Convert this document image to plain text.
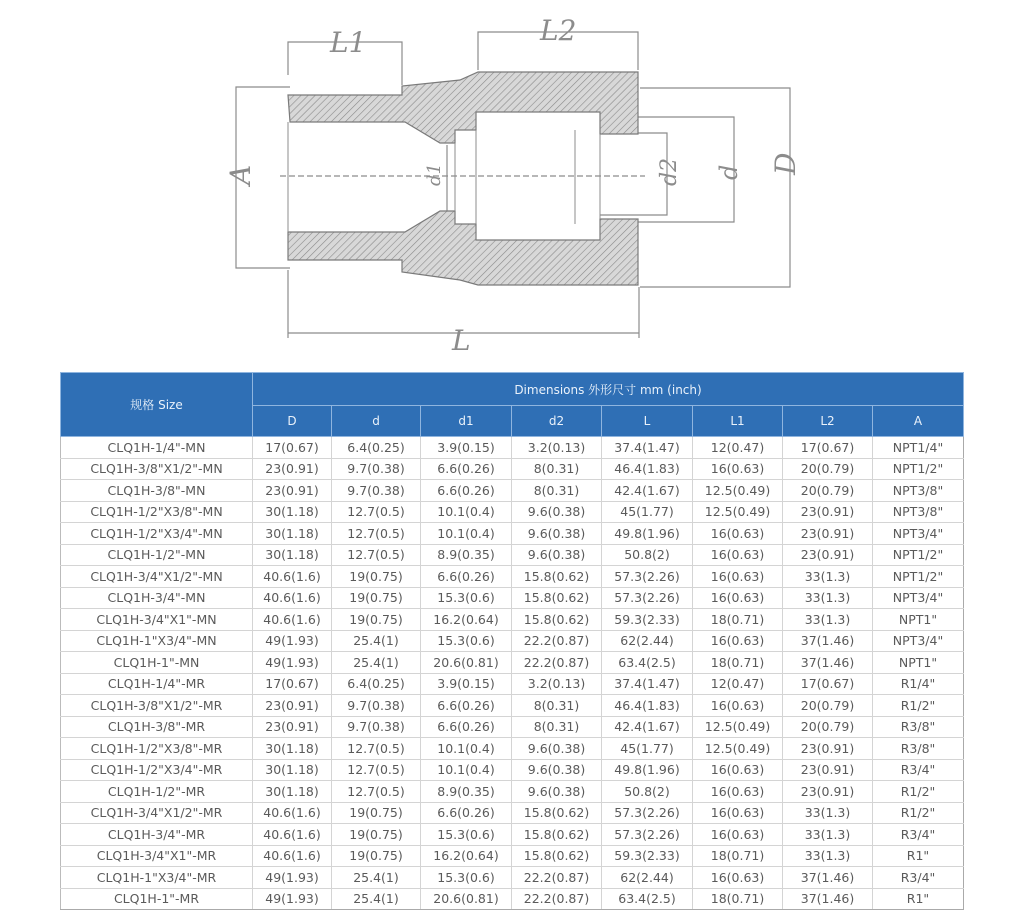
L1	L2
A	D
d
d2
d1
L
规格 Size	Dimensions 外形尺寸 mm (inch)							
	D	d	d1	d2	L	L1	L2	A
CLQ1H-1/4"-MN	17(0.67)	6.4(0.25)	3.9(0.15)	3.2(0.13)	37.4(1.47)	12(0.47)	17(0.67)	NPT1/4"
CLQ1H-3/8"X1/2"-MN	23(0.91)	9.7(0.38)	6.6(0.26)	8(0.31)	46.4(1.83)	16(0.63)	20(0.79)	NPT1/2"
CLQ1H-3/8"-MN	23(0.91)	9.7(0.38)	6.6(0.26)	8(0.31)	42.4(1.67)	12.5(0.49)	20(0.79)	NPT3/8"
CLQ1H-1/2"X3/8"-MN	30(1.18)	12.7(0.5)	10.1(0.4)	9.6(0.38)	45(1.77)	12.5(0.49)	23(0.91)	NPT3/8"
CLQ1H-1/2"X3/4"-MN	30(1.18)	12.7(0.5)	10.1(0.4)	9.6(0.38)	49.8(1.96)	16(0.63)	23(0.91)	NPT3/4"
CLQ1H-1/2"-MN	30(1.18)	12.7(0.5)	8.9(0.35)	9.6(0.38)	50.8(2)	16(0.63)	23(0.91)	NPT1/2"
CLQ1H-3/4"X1/2"-MN	40.6(1.6)	19(0.75)	6.6(0.26)	15.8(0.62)	57.3(2.26)	16(0.63)	33(1.3)	NPT1/2"
CLQ1H-3/4"-MN	40.6(1.6)	19(0.75)	15.3(0.6)	15.8(0.62)	57.3(2.26)	16(0.63)	33(1.3)	NPT3/4"
CLQ1H-3/4"X1"-MN	40.6(1.6)	19(0.75)	16.2(0.64)	15.8(0.62)	59.3(2.33)	18(0.71)	33(1.3)	NPT1"
CLQ1H-1"X3/4"-MN	49(1.93)	25.4(1)	15.3(0.6)	22.2(0.87)	62(2.44)	16(0.63)	37(1.46)	NPT3/4"
CLQ1H-1"-MN	49(1.93)	25.4(1)	20.6(0.81)	22.2(0.87)	63.4(2.5)	18(0.71)	37(1.46)	NPT1"
CLQ1H-1/4"-MR	17(0.67)	6.4(0.25)	3.9(0.15)	3.2(0.13)	37.4(1.47)	12(0.47)	17(0.67)	R1/4"
CLQ1H-3/8"X1/2"-MR	23(0.91)	9.7(0.38)	6.6(0.26)	8(0.31)	46.4(1.83)	16(0.63)	20(0.79)	R1/2"
CLQ1H-3/8"-MR	23(0.91)	9.7(0.38)	6.6(0.26)	8(0.31)	42.4(1.67)	12.5(0.49)	20(0.79)	R3/8"
CLQ1H-1/2"X3/8"-MR	30(1.18)	12.7(0.5)	10.1(0.4)	9.6(0.38)	45(1.77)	12.5(0.49)	23(0.91)	R3/8"
CLQ1H-1/2"X3/4"-MR	30(1.18)	12.7(0.5)	10.1(0.4)	9.6(0.38)	49.8(1.96)	16(0.63)	23(0.91)	R3/4"
CLQ1H-1/2"-MR	30(1.18)	12.7(0.5)	8.9(0.35)	9.6(0.38)	50.8(2)	16(0.63)	23(0.91)	R1/2"
CLQ1H-3/4"X1/2"-MR	40.6(1.6)	19(0.75)	6.6(0.26)	15.8(0.62)	57.3(2.26)	16(0.63)	33(1.3)	R1/2"
CLQ1H-3/4"-MR	40.6(1.6)	19(0.75)	15.3(0.6)	15.8(0.62)	57.3(2.26)	16(0.63)	33(1.3)	R3/4"
CLQ1H-3/4"X1"-MR	40.6(1.6)	19(0.75)	16.2(0.64)	15.8(0.62)	59.3(2.33)	18(0.71)	33(1.3)	R1"
CLQ1H-1"X3/4"-MR	49(1.93)	25.4(1)	15.3(0.6)	22.2(0.87)	62(2.44)	16(0.63)	37(1.46)	R3/4"
CLQ1H-1"-MR	49(1.93)	25.4(1)	20.6(0.81)	22.2(0.87)	63.4(2.5)	18(0.71)	37(1.46)	R1"
